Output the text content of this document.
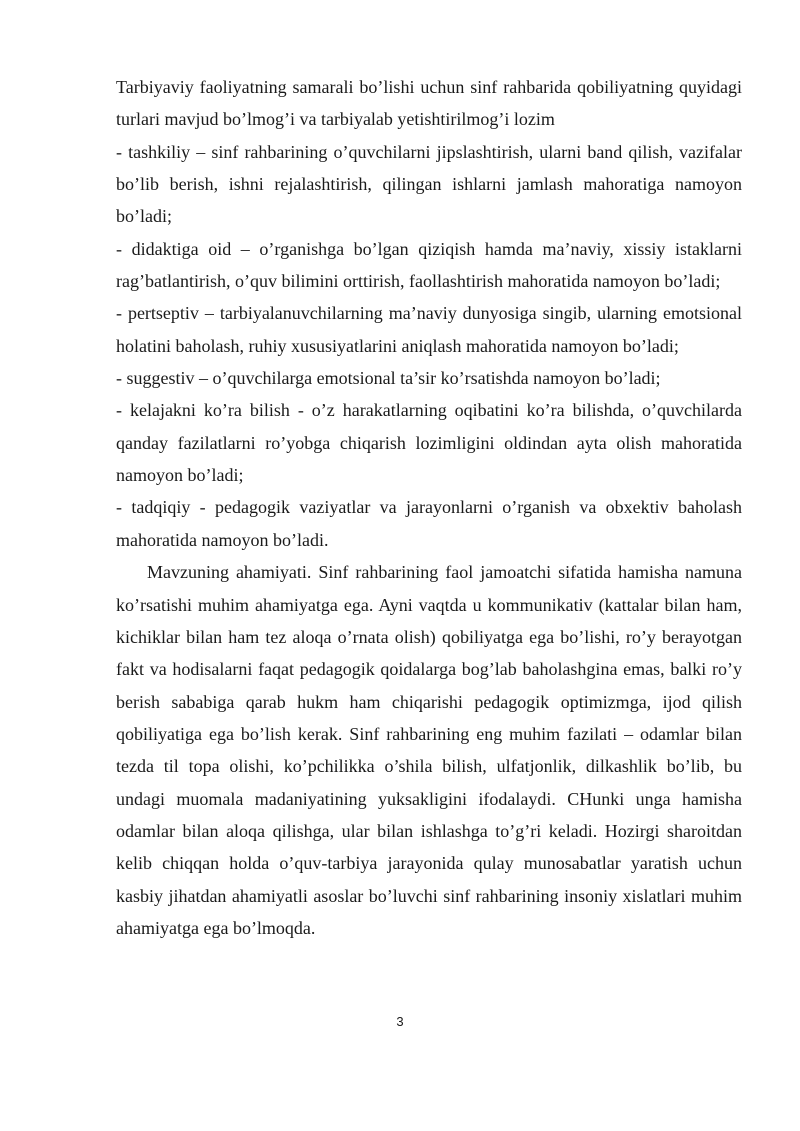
Tarbiyaviy faoliyatning samarali bo’lishi uchun sinf rahbarida qobiliyatning quyidagi turlari mavjud bo’lmog’i va tarbiyalab yetishtirilmog’i lozim

- tashkiliy – sinf rahbarining o’quvchilarni jipslashtirish, ularni band qilish, vazifalar bo’lib berish, ishni rejalashtirish, qilingan ishlarni jamlash mahoratiga namoyon bo’ladi;

- didaktiga oid – o’rganishga bo’lgan qiziqish hamda ma’naviy, xissiy istaklarni rag’batlantirish, o’quv bilimini orttirish, faollashtirish mahoratida namoyon bo’ladi;

- pertseptiv – tarbiyalanuvchilarning ma’naviy dunyosiga singib, ularning emotsional holatini baholash, ruhiy xususiyatlarini aniqlash mahoratida namoyon bo’ladi;

- suggestiv – o’quvchilarga emotsional ta’sir ko’rsatishda namoyon bo’ladi;

- kelajakni ko’ra bilish - o’z harakatlarning oqibatini ko’ra bilishda, o’quvchilarda qanday fazilatlarni ro’yobga chiqarish lozimligini oldindan ayta olish mahoratida namoyon bo’ladi;

- tadqiqiy - pedagogik vaziyatlar va jarayonlarni o’rganish va obxektiv baholash mahoratida namoyon bo’ladi.

Mavzuning ahamiyati. Sinf rahbarining faol jamoatchi sifatida hamisha namuna ko’rsatishi muhim ahamiyatga ega. Ayni vaqtda u kommunikativ (kattalar bilan ham, kichiklar bilan ham tez aloqa o’rnata olish) qobiliyatga ega bo’lishi, ro’y berayotgan fakt va hodisalarni faqat pedagogik qoidalarga bog’lab baholashgina emas, balki ro’y berish sababiga qarab hukm ham chiqarishi pedagogik optimizmga, ijod qilish qobiliyatiga ega bo’lish kerak. Sinf rahbarining eng muhim fazilati – odamlar bilan tezda til topa olishi, ko’pchilikka o’shila bilish, ulfatjonlik, dilkashlik bo’lib, bu undagi muomala madaniyatining yuksakligini ifodalaydi. CHunki unga hamisha odamlar bilan aloqa qilishga, ular bilan ishlashga to’g’ri keladi. Hozirgi sharoitdan kelib chiqqan holda o’quv-tarbiya jarayonida qulay munosabatlar yaratish uchun kasbiy jihatdan ahamiyatli asoslar bo’luvchi sinf rahbarining insoniy xislatlari muhim ahamiyatga ega bo’lmoqda.

3
